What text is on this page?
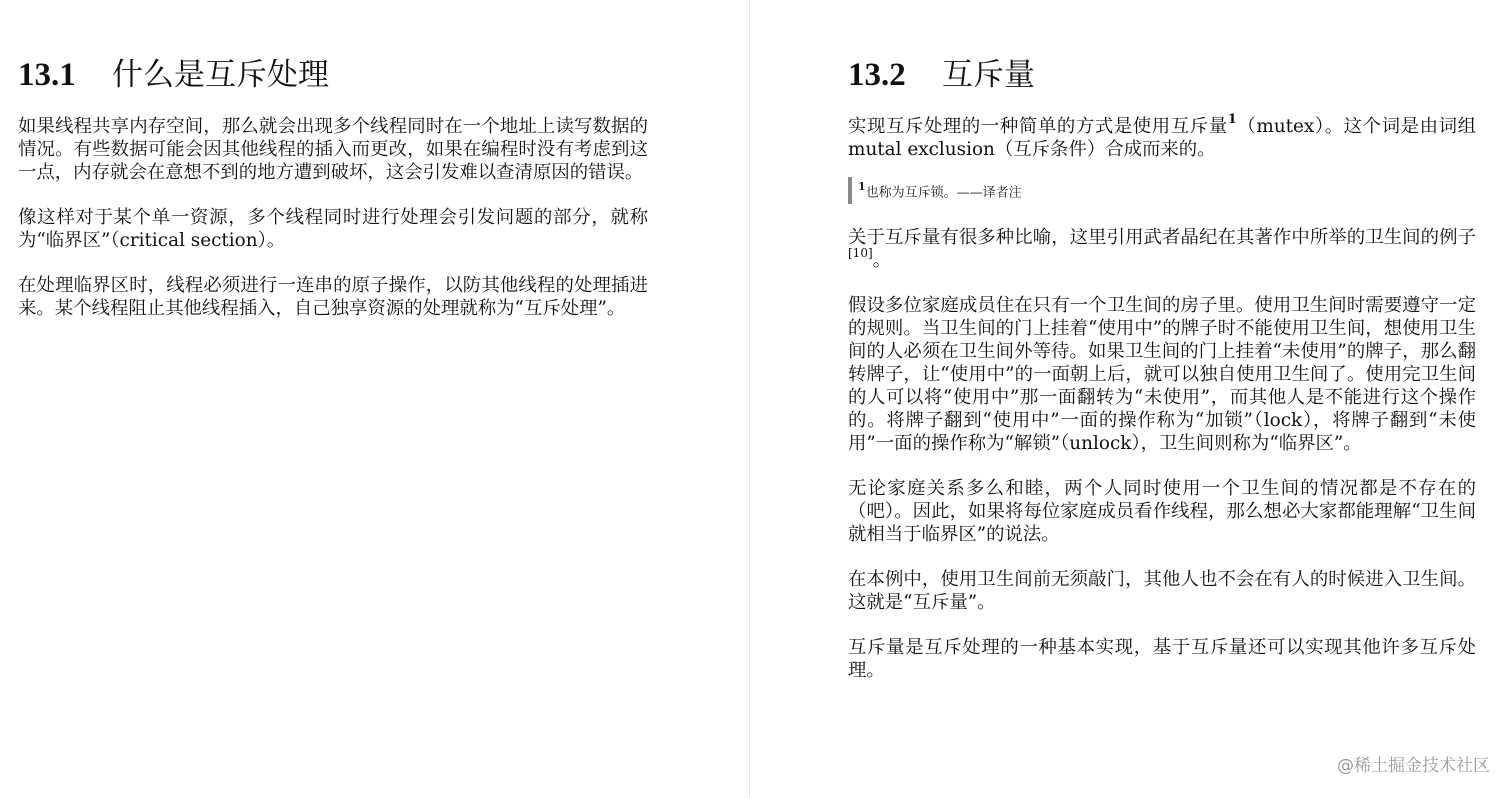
13.1 什么是互斥处理

如果线程共享内存空间，那么就会出现多个线程同时在一个地址上读写数据的情况。有些数据可能会因其他线程的插入而更改，如果在编程时没有考虑到这一点，内存就会在意想不到的地方遭到破坏，这会引发难以查清原因的错误。

像这样对于某个单一资源，多个线程同时进行处理会引发问题的部分，就称为“临界区”（critical section）。

在处理临界区时，线程必须进行一连串的原子操作，以防其他线程的处理插进来。某个线程阻止其他线程插入，自己独享资源的处理就称为“互斥处理”。

13.2 互斥量

实现互斥处理的一种简单的方式是使用互斥量$^1$（mutex）。这个词是由词组 mutal exclusion（互斥条件）合成而来的。

$^1$也称为互斥锁。——译者注

关于互斥量有很多种比喻，这里引用武者晶纪在其著作中所举的卫生间的例子[10]。

假设多位家庭成员住在只有一个卫生间的房子里。使用卫生间时需要遵守一定的规则。当卫生间的门上挂着“使用中”的牌子时不能使用卫生间，想使用卫生间的人必须在卫生间外等待。如果卫生间的门上挂着“未使用”的牌子，那么翻转牌子，让“使用中”的一面朝上后，就可以独自使用卫生间了。使用完卫生间的人可以将“使用中”那一面翻转为“未使用”，而其他人是不能进行这个操作的。将牌子翻到“使用中”一面的操作称为“加锁”（lock），将牌子翻到“未使用”一面的操作称为“解锁”（unlock），卫生间则称为“临界区”。

无论家庭关系多么和睦，两个人同时使用一个卫生间的情况都是不存在的（吧）。因此，如果将每位家庭成员看作线程，那么想必大家都能理解“卫生间就相当于临界区”的说法。

在本例中，使用卫生间前无须敲门，其他人也不会在有人的时候进入卫生间。这就是“互斥量”。

互斥量是互斥处理的一种基本实现，基于互斥量还可以实现其他许多互斥处理。

@稀土掘金技术社区
